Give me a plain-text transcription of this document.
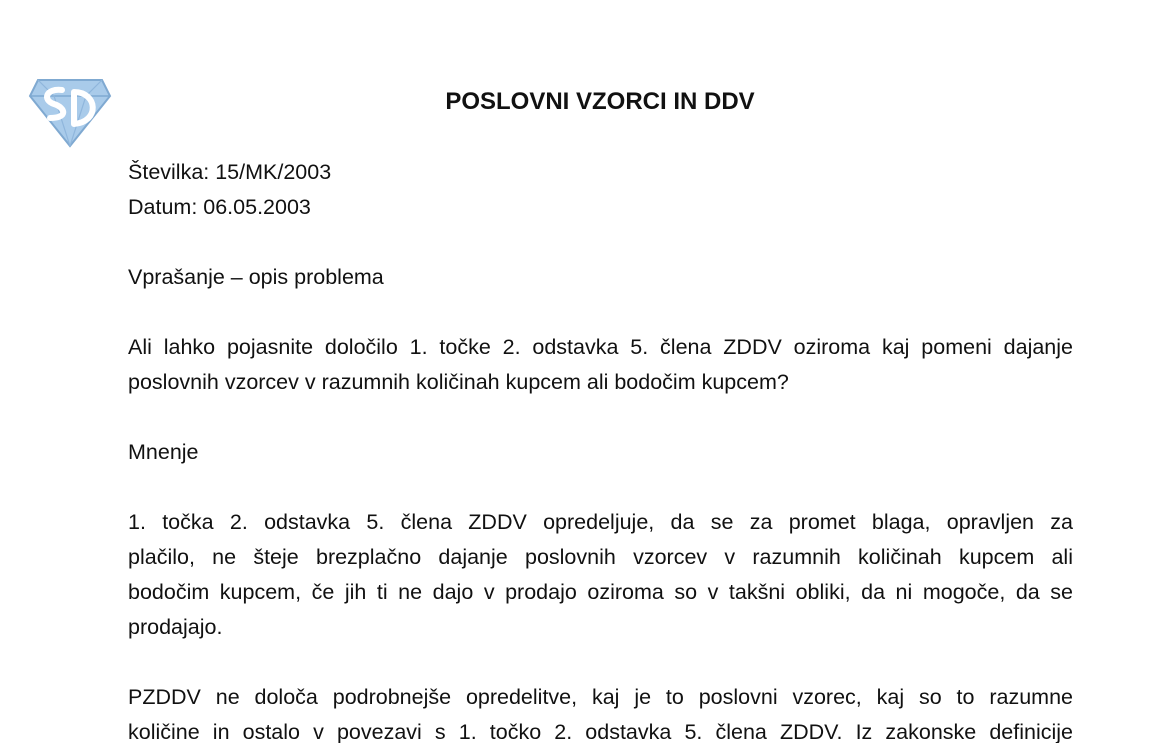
POSLOVNI VZORCI IN DDV
Številka: 15/MK/2003
Datum: 06.05.2003
Vprašanje – opis problema
Ali lahko pojasnite določilo 1. točke 2. odstavka 5. člena ZDDV oziroma kaj pomeni dajanje
poslovnih vzorcev v razumnih količinah kupcem ali bodočim kupcem?
Mnenje
1. točka 2. odstavka 5. člena ZDDV opredeljuje, da se za promet blaga, opravljen za
plačilo, ne šteje brezplačno dajanje poslovnih vzorcev v razumnih količinah kupcem ali
bodočim kupcem, če jih ti ne dajo v prodajo oziroma so v takšni obliki, da ni mogoče, da se
prodajajo.
PZDDV ne določa podrobnejše opredelitve, kaj je to poslovni vzorec, kaj so to razumne
količine in ostalo v povezavi s 1. točko 2. odstavka 5. člena ZDDV. Iz zakonske definicije
